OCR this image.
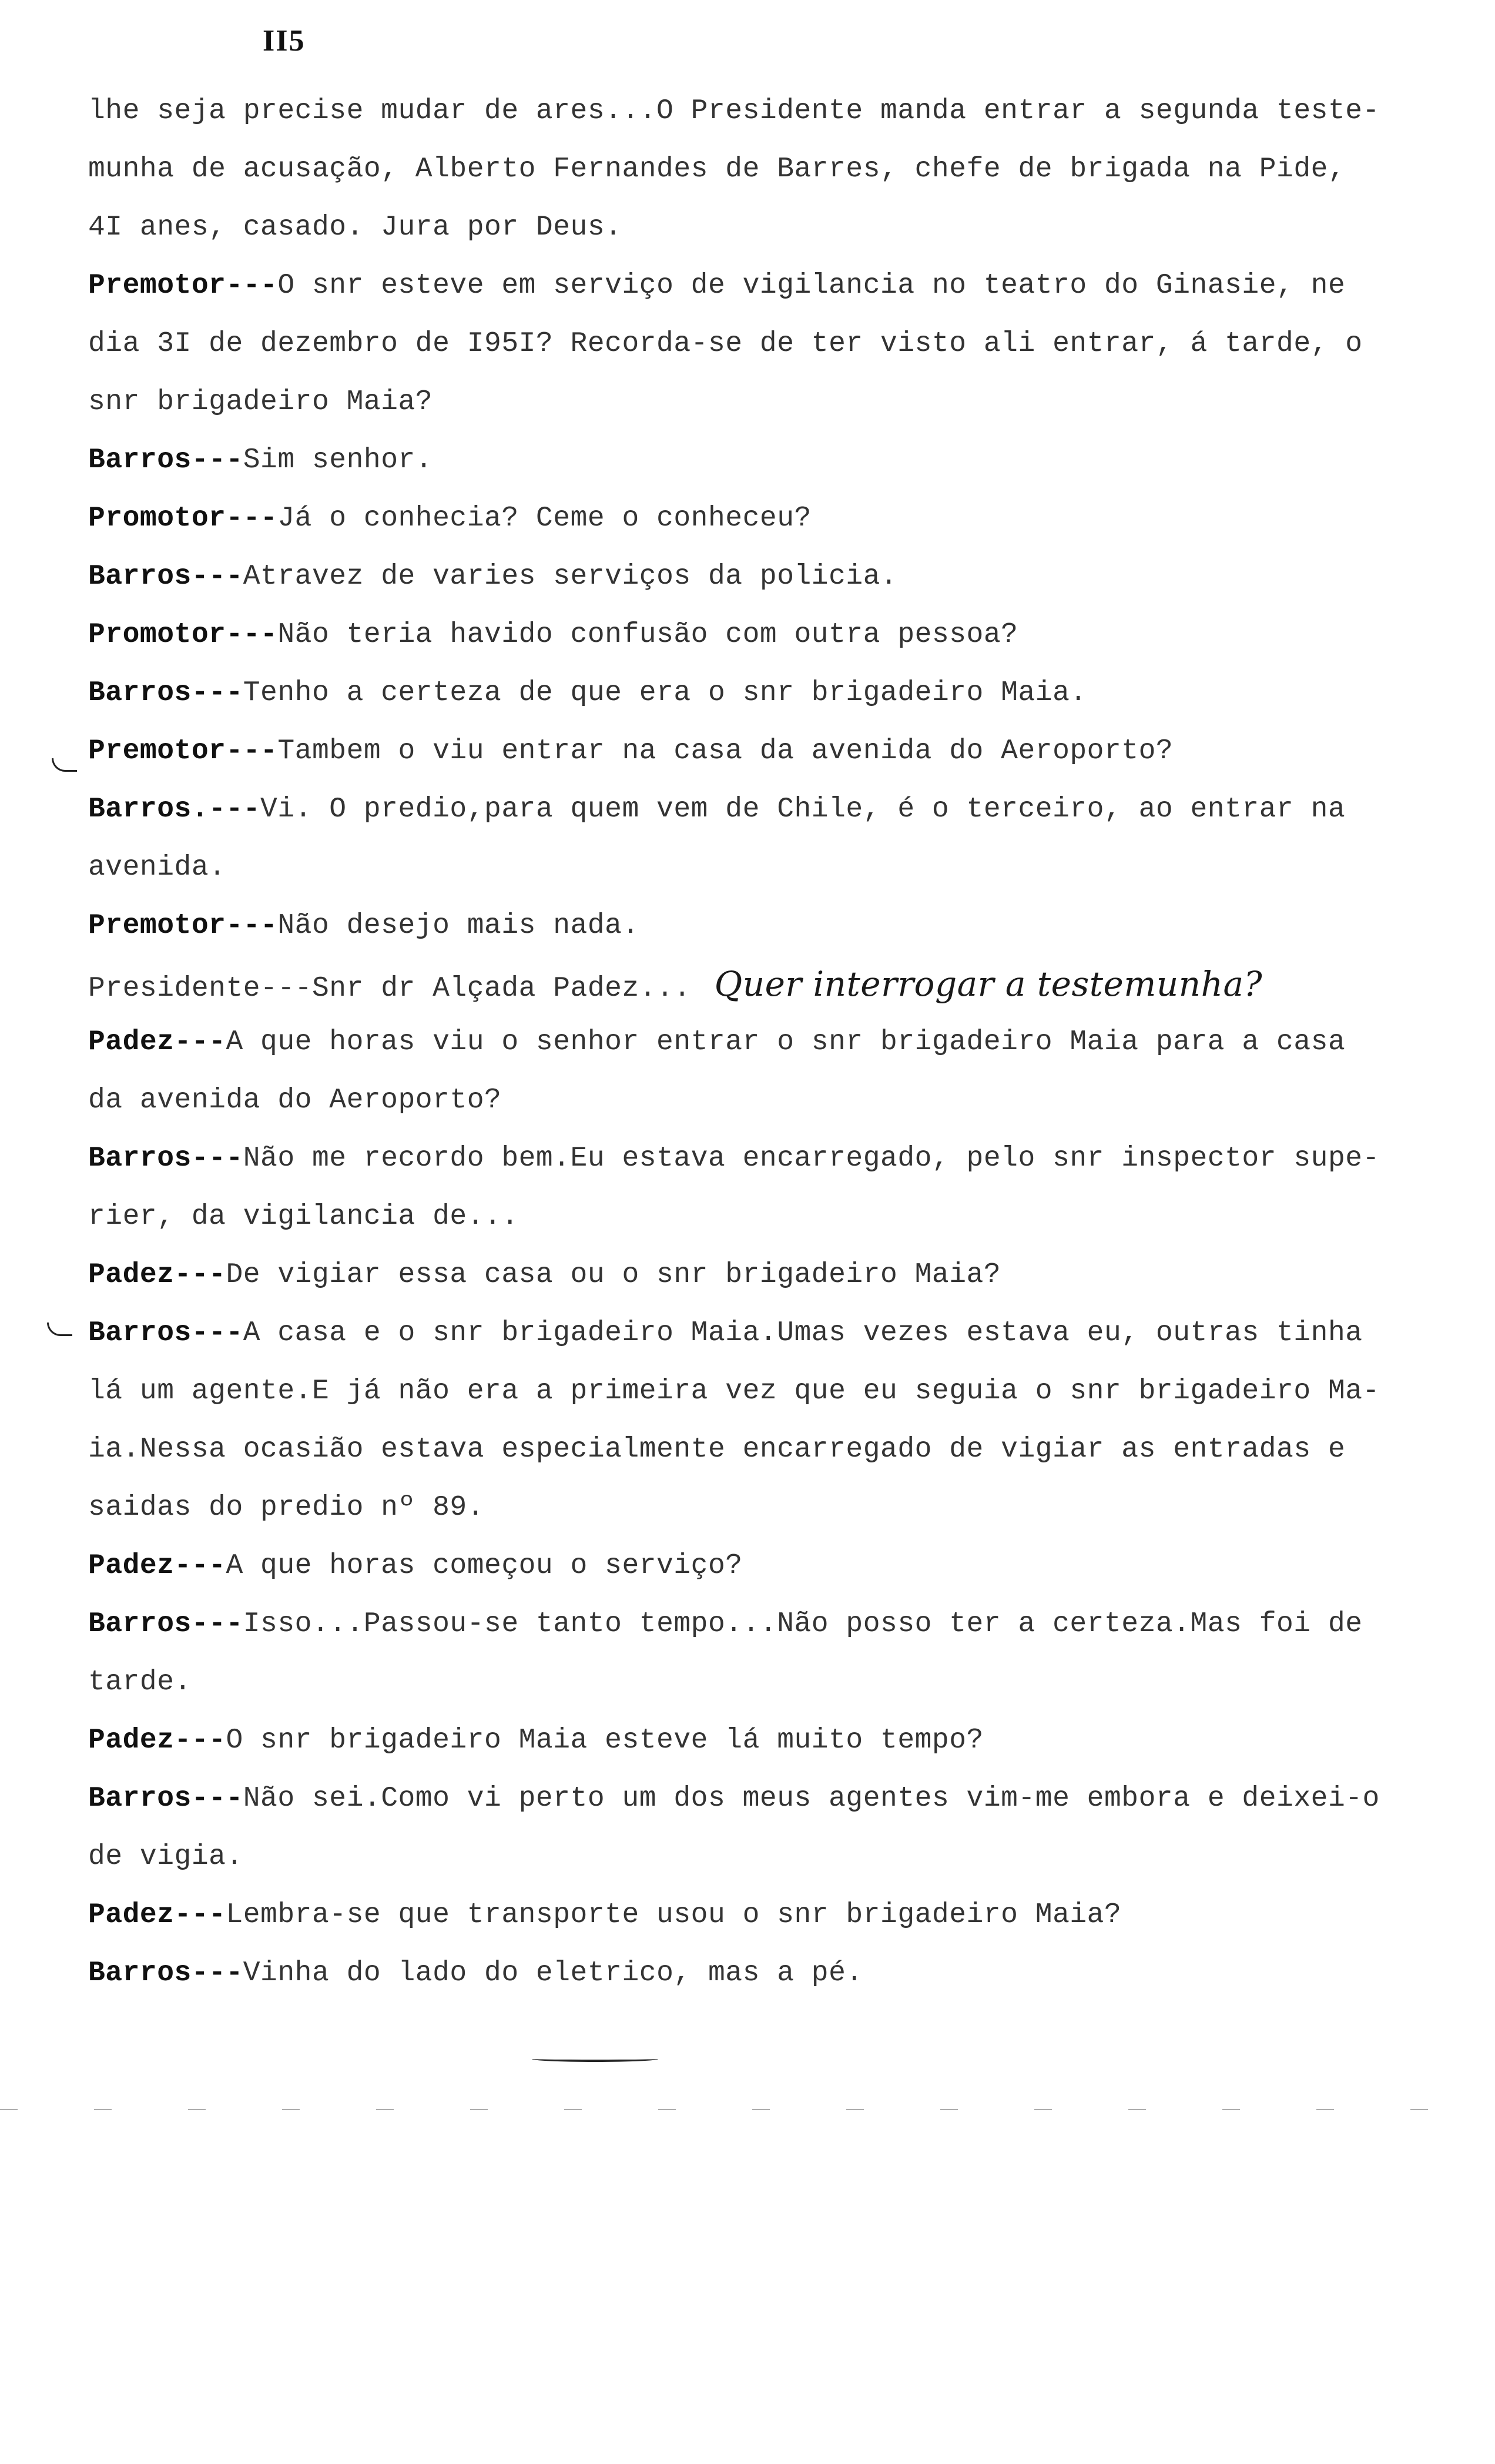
II5
lhe seja precise mudar de ares...O Presidente manda entrar a segunda teste-
munha de acusação, Alberto Fernandes de Barres, chefe de brigada na Pide,
4I anes, casado. Jura por Deus.
Premotor---O snr esteve em serviço de vigilancia no teatro do Ginasie, ne
dia 3I de dezembro de I95I? Recorda-se de ter visto ali entrar, á tarde, o
snr brigadeiro Maia?
Barros---Sim senhor.
Promotor---Já o conhecia? Ceme o conheceu?
Barros---Atravez de varies serviços da policia.
Promotor---Não teria havido confusão com outra pessoa?
Barros---Tenho a certeza de que era o snr brigadeiro Maia.
Premotor---Tambem o viu entrar na casa da avenida do Aeroporto?
Barros.---Vi. O predio,para quem vem de Chile, é o terceiro, ao entrar na
avenida.
Premotor---Não desejo mais nada.
Presidente---Snr dr Alçada Padez... Quer interrogar a testemunha?
Padez---A que horas viu o senhor entrar o snr brigadeiro Maia para a casa
da avenida do Aeroporto?
Barros---Não me recordo bem.Eu estava encarregado, pelo snr inspector supe-
rier, da vigilancia de...
Padez---De vigiar essa casa ou o snr brigadeiro Maia?
Barros---A casa e o snr brigadeiro Maia.Umas vezes estava eu, outras tinha
lá um agente.E já não era a primeira vez que eu seguia o snr brigadeiro Ma-
ia.Nessa ocasião estava especialmente encarregado de vigiar as entradas e
saidas do predio nº 89.
Padez---A que horas começou o serviço?
Barros---Isso...Passou-se tanto tempo...Não posso ter a certeza.Mas foi de
tarde.
Padez---O snr brigadeiro Maia esteve lá muito tempo?
Barros---Não sei.Como vi perto um dos meus agentes vim-me embora e deixei-o
de vigia.
Padez---Lembra-se que transporte usou o snr brigadeiro Maia?
Barros---Vinha do lado do eletrico, mas a pé.
